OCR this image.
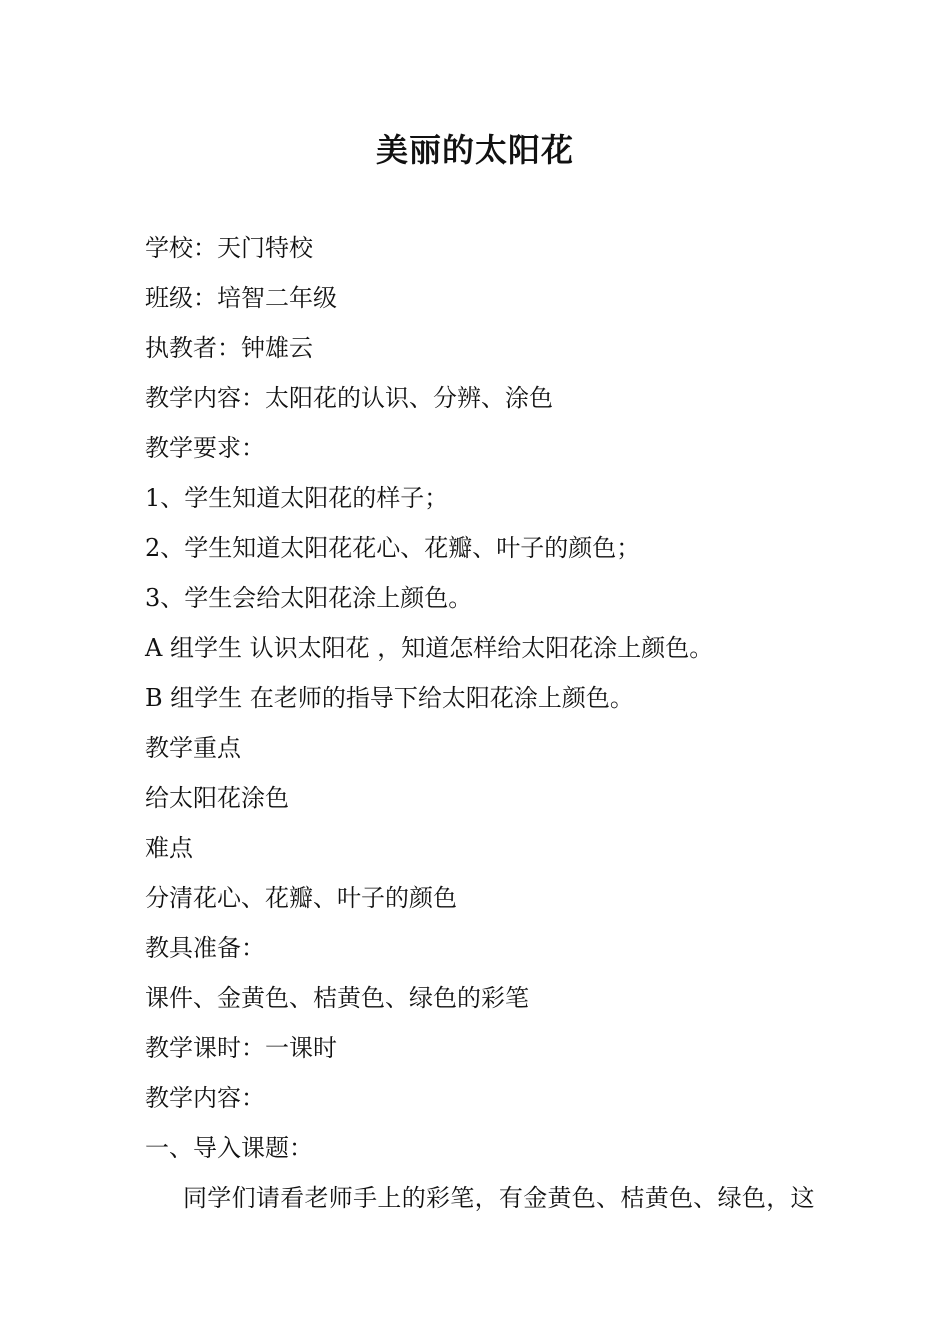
美丽的太阳花
学校：天门特校
班级：培智二年级
执教者：钟雄云
教学内容：太阳花的认识、分辨、涂色
教学要求：
1、学生知道太阳花的样子；
2、学生知道太阳花花心、花瓣、叶子的颜色；
3、学生会给太阳花涂上颜色。
A 组学生 认识太阳花 ，知道怎样给太阳花涂上颜色。
B 组学生 在老师的指导下给太阳花涂上颜色。
教学重点
给太阳花涂色
难点
分清花心、花瓣、叶子的颜色
教具准备：
课件、金黄色、桔黄色、绿色的彩笔
教学课时：一课时
教学内容：
一、导入课题：
同学们请看老师手上的彩笔，有金黄色、桔黄色、绿色，这
